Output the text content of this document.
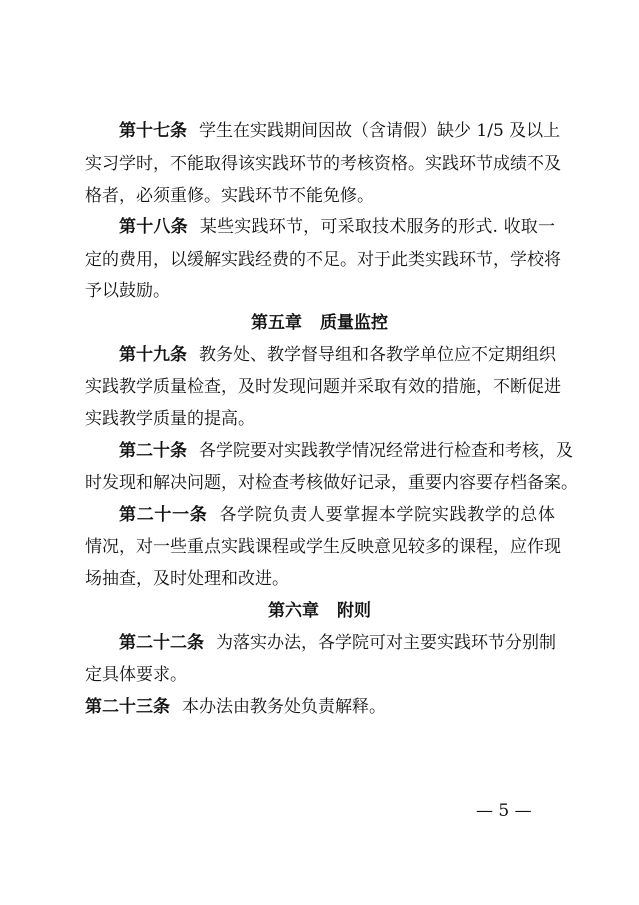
第十七条 学生在实践期间因故（含请假）缺少 1/5 及以上
实习学时，不能取得该实践环节的考核资格。实践环节成绩不及
格者，必须重修。实践环节不能免修。
第十八条 某些实践环节，可采取技术服务的形式. 收取一
定的费用，以缓解实践经费的不足。对于此类实践环节，学校将
予以鼓励。
第五章 质量监控
第十九条 教务处、教学督导组和各教学单位应不定期组织
实践教学质量检查，及时发现问题并采取有效的措施，不断促进
实践教学质量的提高。
第二十条 各学院要对实践教学情况经常进行检查和考核，及
时发现和解决问题，对检查考核做好记录，重要内容要存档备案。
第二十一条 各学院负责人要掌握本学院实践教学的总体
情况，对一些重点实践课程或学生反映意见较多的课程，应作现
场抽查，及时处理和改进。
第六章 附则
第二十二条 为落实办法，各学院可对主要实践环节分别制
定具体要求。
第二十三条 本办法由教务处负责解释。
— 5 —
